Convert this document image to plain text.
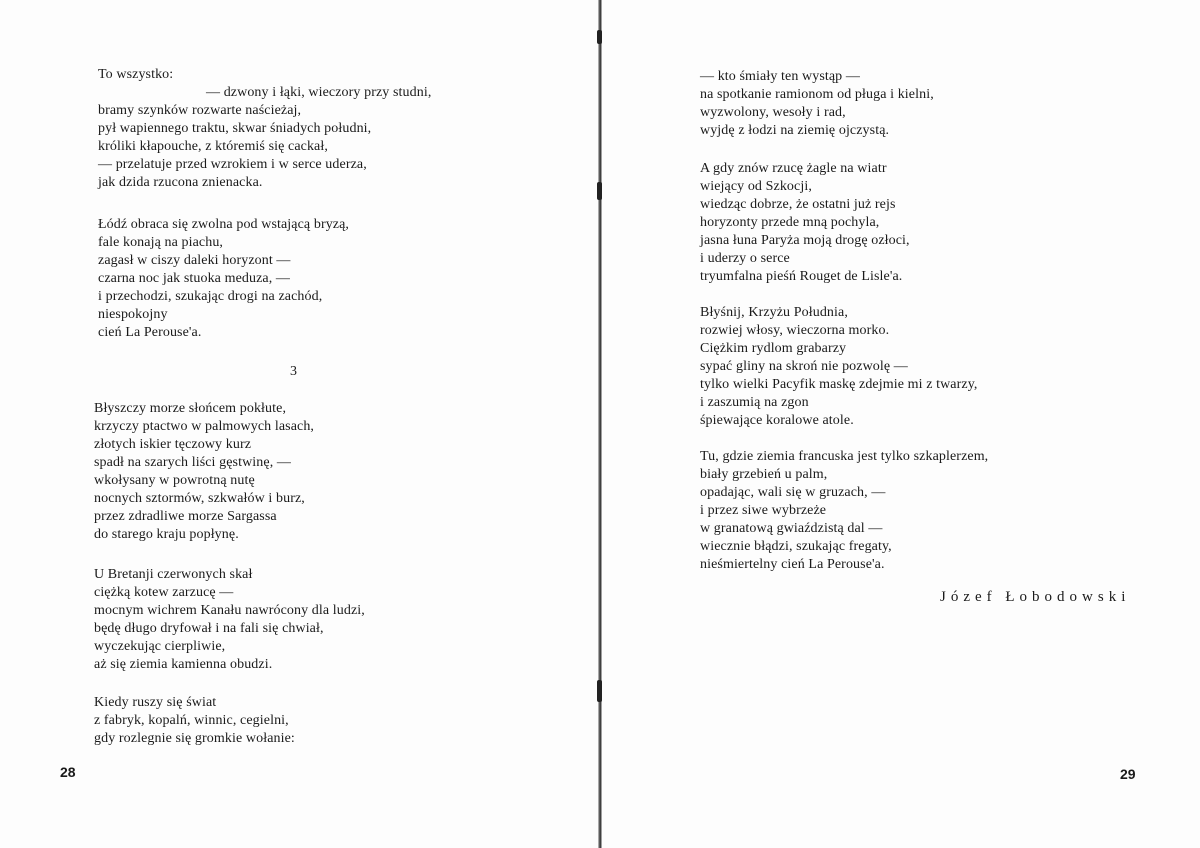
To wszystko:
— dzwony i łąki, wieczory przy studni,
bramy szynków rozwarte naścieżaj,
pył wapiennego traktu, skwar śniadych południ,
króliki kłapouche, z któremiś się cackał,
— przelatuje przed wzrokiem i w serce uderza,
jak dzida rzucona znienacka.
Łódź obraca się zwolna pod wstającą bryzą,
fale konają na piachu,
zagasł w ciszy daleki horyzont —
czarna noc jak stuoka meduza, —
i przechodzi, szukając drogi na zachód,
niespokojny
cień La Perouse'a.
3
Błyszczy morze słońcem pokłute,
krzyczy ptactwo w palmowych lasach,
złotych iskier tęczowy kurz
spadł na szarych liści gęstwinę, —
wkołysany w powrotną nutę
nocnych sztormów, szkwałów i burz,
przez zdradliwe morze Sargassa
do starego kraju popłynę.
U Bretanji czerwonych skał
ciężką kotew zarzucę —
mocnym wichrem Kanału nawrócony dla ludzi,
będę długo dryfował i na fali się chwiał,
wyczekując cierpliwie,
aż się ziemia kamienna obudzi.
Kiedy ruszy się świat
z fabryk, kopalń, winnic, cegielni,
gdy rozlegnie się gromkie wołanie:
28
— kto śmiały ten wystąp —
na spotkanie ramionom od pługa i kielni,
wyzwolony, wesoły i rad,
wyjdę z łodzi na ziemię ojczystą.
A gdy znów rzucę żagle na wiatr
wiejący od Szkocji,
wiedząc dobrze, że ostatni już rejs
horyzonty przede mną pochyla,
jasna łuna Paryża moją drogę ozłoci,
i uderzy o serce
tryumfalna pieśń Rouget de Lisle'a.
Błyśnij, Krzyżu Południa,
rozwiej włosy, wieczorna morko.
Ciężkim rydlom grabarzy
sypać gliny na skroń nie pozwolę —
tylko wielki Pacyfik maskę zdejmie mi z twarzy,
i zaszumią na zgon
śpiewające koralowe atole.
Tu, gdzie ziemia francuska jest tylko szkaplerzem,
biały grzebień u palm,
opadając, wali się w gruzach, —
i przez siwe wybrzeże
w granatową gwiaździstą dal —
wiecznie błądzi, szukając fregaty,
nieśmiertelny cień La Perouse'a.
Józef Łobodowski
29
